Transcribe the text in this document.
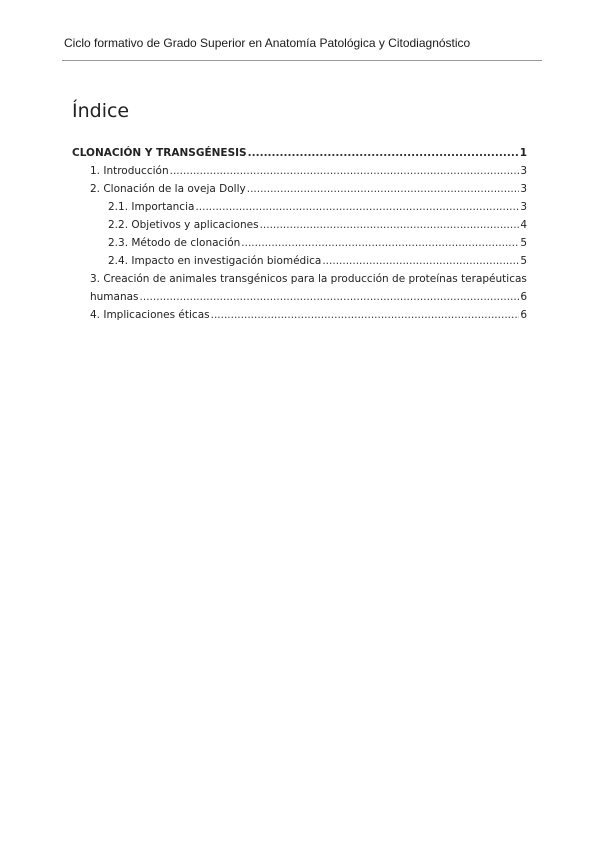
Ciclo formativo de Grado Superior en Anatomía Patológica y Citodiagnóstico
Índice
CLONACIÓN Y TRANSGÉNESIS .....	1
1. Introducción .....	3
2. Clonación de la oveja Dolly .....	3
2.1. Importancia .....	3
2.2. Objetivos y aplicaciones .....	4
2.3. Método de clonación .....	5
2.4. Impacto en investigación biomédica .....	5
3. Creación de animales transgénicos para la producción de proteínas terapéuticas
humanas .....	6
4. Implicaciones éticas .....	6
